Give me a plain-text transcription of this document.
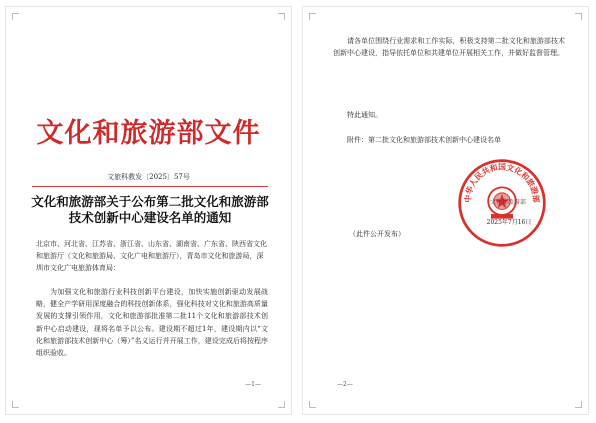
文化和旅游部文件
文旅科教发〔2025〕57号
文化和旅游部关于公布第二批文化和旅游部
技术创新中心建设名单的通知
北京市、河北省、江苏省、浙江省、山东省、湖南省、广东省、陕西省文化和旅游厅（文化和旅游局、文化广电和旅游厅），青岛市文化和旅游局，深圳市文化广电旅游体育局：
为加强文化和旅游行业科技创新平台建设，加快实施创新驱动发展战略，健全产学研用深度融合的科技创新体系，强化科技对文化和旅游高质量发展的支撑引领作用，文化和旅游部批准第二批11个文化和旅游部技术创新中心启动建设，现将名单予以公布。建设期不超过1年，建设期内以“文化和旅游部技术创新中心（筹）”名义运行并开展工作，建设完成后将按程序组织验收。
—1—
请各单位围绕行业需求和工作实际，积极支持第二批文化和旅游部技术创新中心建设，指导依托单位和共建单位开展相关工作，并做好监督管理。
特此通知。
附件：第二批文化和旅游部技术创新中心建设名单
中华人民共和国文化和旅游部
文化和旅游部
2025年7月16日
（此件公开发布）
—2—
